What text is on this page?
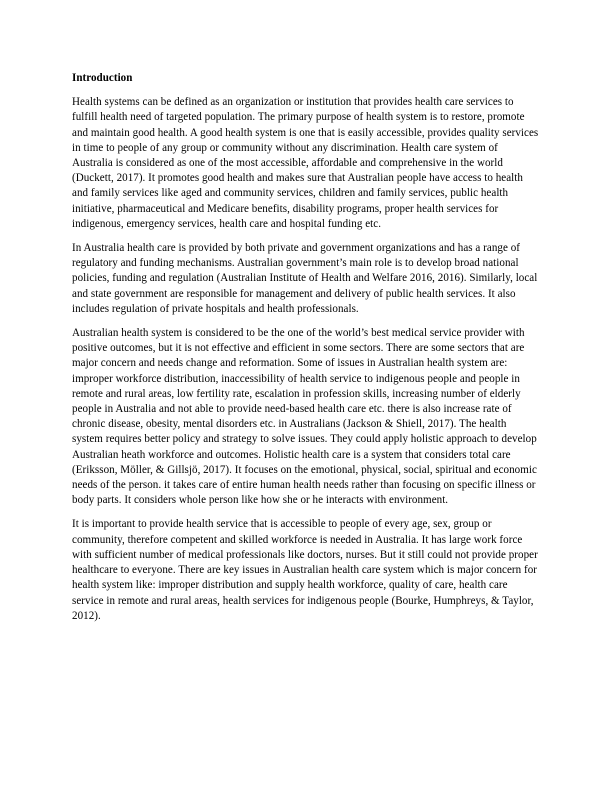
Introduction

Health systems can be defined as an organization or institution that provides health care services to fulfill health need of targeted population. The primary purpose of health system is to restore, promote and maintain good health. A good health system is one that is easily accessible, provides quality services in time to people of any group or community without any discrimination. Health care system of Australia is considered as one of the most accessible, affordable and comprehensive in the world (Duckett, 2017). It promotes good health and makes sure that Australian people have access to health and family services like aged and community services, children and family services, public health initiative, pharmaceutical and Medicare benefits, disability programs, proper health services for indigenous, emergency services, health care and hospital funding etc.

In Australia health care is provided by both private and government organizations and has a range of regulatory and funding mechanisms. Australian government’s main role is to develop broad national policies, funding and regulation (Australian Institute of Health and Welfare 2016, 2016). Similarly, local and state government are responsible for management and delivery of public health services. It also includes regulation of private hospitals and health professionals.

Australian health system is considered to be the one of the world’s best medical service provider with positive outcomes, but it is not effective and efficient in some sectors. There are some sectors that are major concern and needs change and reformation. Some of issues in Australian health system are: improper workforce distribution, inaccessibility of health service to indigenous people and people in remote and rural areas, low fertility rate, escalation in profession skills, increasing number of elderly people in Australia and not able to provide need-based health care etc. there is also increase rate of chronic disease, obesity, mental disorders etc. in Australians (Jackson & Shiell, 2017). The health system requires better policy and strategy to solve issues. They could apply holistic approach to develop Australian heath workforce and outcomes. Holistic health care is a system that considers total care (Eriksson, Möller, & Gillsjö, 2017). It focuses on the emotional, physical, social, spiritual and economic needs of the person. it takes care of entire human health needs rather than focusing on specific illness or body parts. It considers whole person like how she or he interacts with environment.

It is important to provide health service that is accessible to people of every age, sex, group or community, therefore competent and skilled workforce is needed in Australia. It has large work force with sufficient number of medical professionals like doctors, nurses. But it still could not provide proper healthcare to everyone. There are key issues in Australian health care system which is major concern for health system like: improper distribution and supply health workforce, quality of care, health care service in remote and rural areas, health services for indigenous people (Bourke, Humphreys, & Taylor, 2012).
